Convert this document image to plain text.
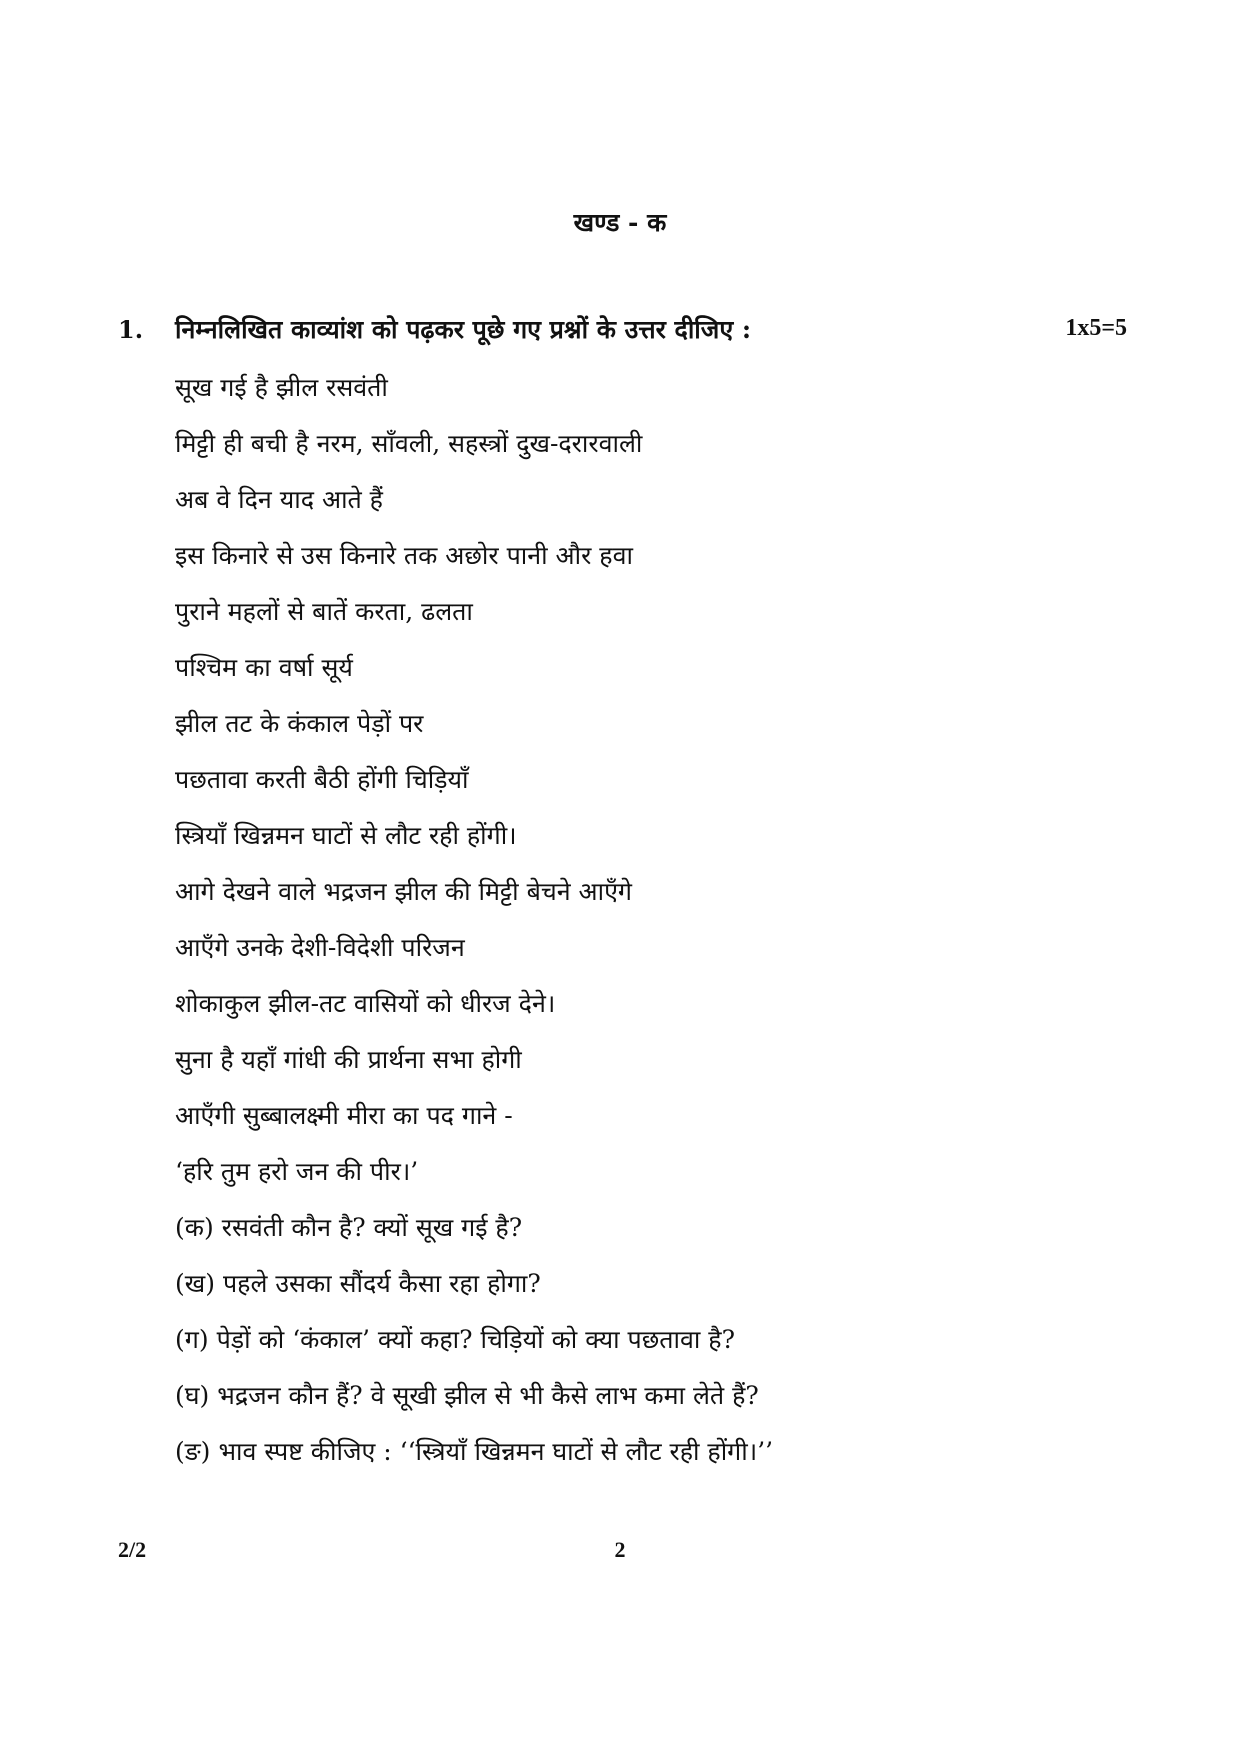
खण्ड - क
1. निम्नलिखित काव्यांश को पढ़कर पूछे गए प्रश्नों के उत्तर दीजिए :	1x5=5
सूख गई है झील रसवंती
मिट्टी ही बची है नरम, साँवली, सहस्त्रों दुख-दरारवाली
अब वे दिन याद आते हैं
इस किनारे से उस किनारे तक अछोर पानी और हवा
पुराने महलों से बातें करता, ढलता
पश्चिम का वर्षा सूर्य
झील तट के कंकाल पेड़ों पर
पछतावा करती बैठी होंगी चिड़ियाँ
स्त्रियाँ खिन्नमन घाटों से लौट रही होंगी।
आगे देखने वाले भद्रजन झील की मिट्टी बेचने आएँगे
आएँगे उनके देशी-विदेशी परिजन
शोकाकुल झील-तट वासियों को धीरज देने।
सुना है यहाँ गांधी की प्रार्थना सभा होगी
आएँगी सुब्बालक्ष्मी मीरा का पद गाने -
‘हरि तुम हरो जन की पीर।’
(क) रसवंती कौन है? क्यों सूख गई है?
(ख) पहले उसका सौंदर्य कैसा रहा होगा?
(ग) पेड़ों को ‘कंकाल’ क्यों कहा? चिड़ियों को क्या पछतावा है?
(घ) भद्रजन कौन हैं? वे सूखी झील से भी कैसे लाभ कमा लेते हैं?
(ङ) भाव स्पष्ट कीजिए : ‘‘स्त्रियाँ खिन्नमन घाटों से लौट रही होंगी।’’
2/2	2
